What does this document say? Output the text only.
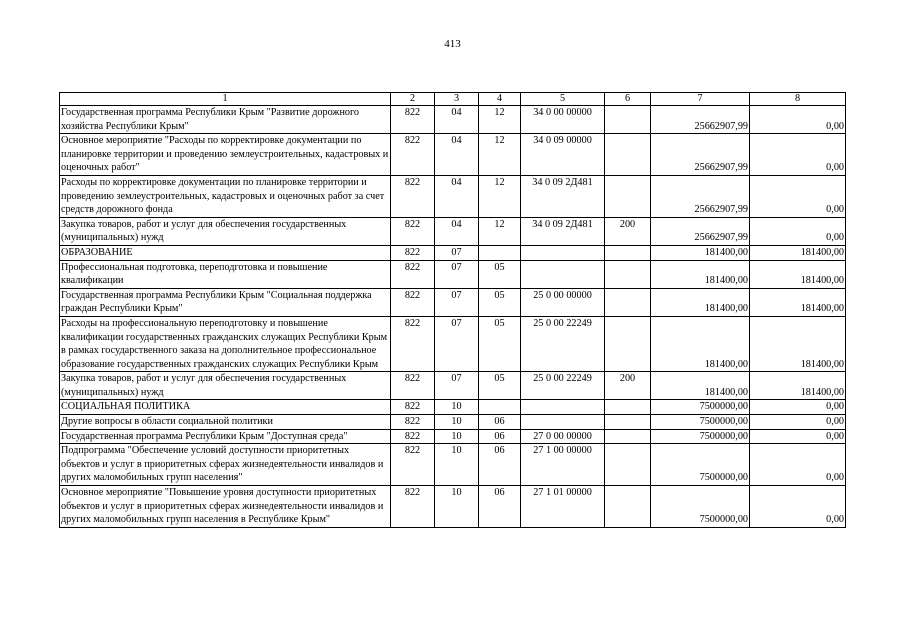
413
1	2	3	4	5	6	7	8
Государственная программа Республики Крым "Развитие дорожного хозяйства Республики Крым"	822	04	12	34 0 00 00000		25662907,99	0,00
Основное мероприятие "Расходы по корректировке документации по планировке территории и проведению землеустроительных, кадастровых и оценочных работ"	822	04	12	34 0 09 00000		25662907,99	0,00
Расходы по корректировке документации по планировке территории и проведению землеустроительных, кадастровых и оценочных работ за счет средств дорожного фонда	822	04	12	34 0 09 2Д481		25662907,99	0,00
Закупка товаров, работ и услуг для обеспечения государственных (муниципальных) нужд	822	04	12	34 0 09 2Д481	200	25662907,99	0,00
ОБРАЗОВАНИЕ	822	07				181400,00	181400,00
Профессиональная подготовка, переподготовка и повышение квалификации	822	07	05			181400,00	181400,00
Государственная программа Республики Крым "Социальная поддержка граждан Республики Крым"	822	07	05	25 0 00 00000		181400,00	181400,00
Расходы на профессиональную переподготовку и повышение квалификации государственных гражданских служащих Республики Крым в рамках государственного заказа на дополнительное профессиональное образование государственных гражданских служащих Республики Крым	822	07	05	25 0 00 22249		181400,00	181400,00
Закупка товаров, работ и услуг для обеспечения государственных (муниципальных) нужд	822	07	05	25 0 00 22249	200	181400,00	181400,00
СОЦИАЛЬНАЯ ПОЛИТИКА	822	10				7500000,00	0,00
Другие вопросы в области социальной политики	822	10	06			7500000,00	0,00
Государственная программа Республики Крым "Доступная среда"	822	10	06	27 0 00 00000		7500000,00	0,00
Подпрограмма "Обеспечение условий доступности приоритетных объектов и услуг в приоритетных сферах жизнедеятельности инвалидов и других маломобильных групп населения"	822	10	06	27 1 00 00000		7500000,00	0,00
Основное мероприятие "Повышение уровня доступности приоритетных объектов и услуг в приоритетных сферах жизнедеятельности инвалидов и других маломобильных групп населения в Республике Крым"	822	10	06	27 1 01 00000		7500000,00	0,00
